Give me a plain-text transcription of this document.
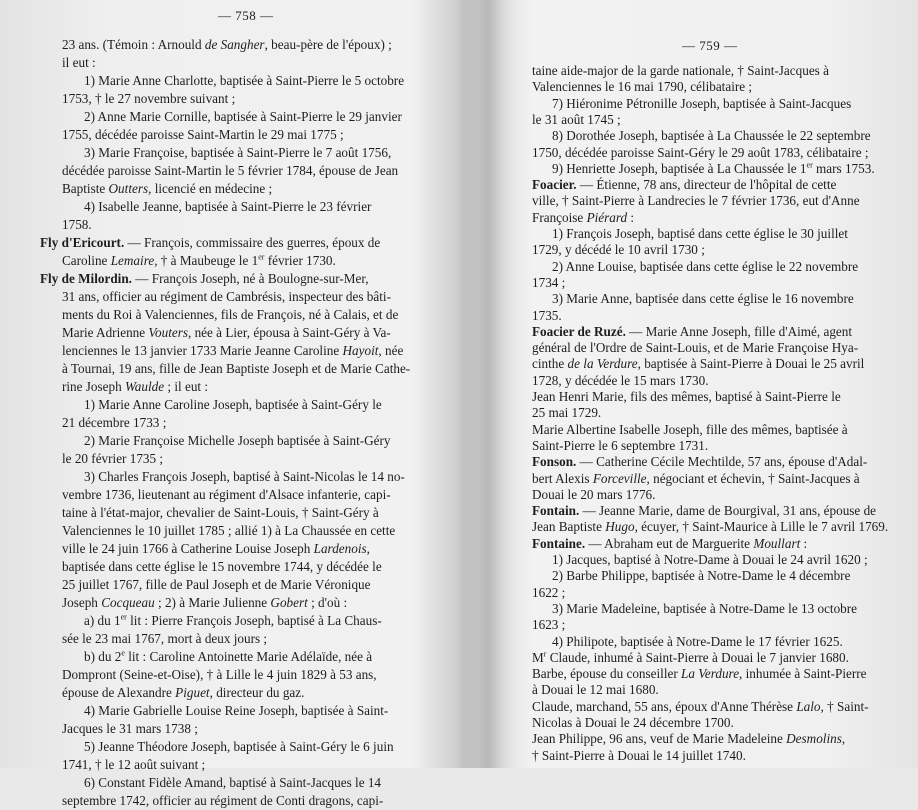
— 758 —
23 ans. (Témoin : Arnould de Sangher, beau-père de l'époux) ;
il eut :
1) Marie Anne Charlotte, baptisée à Saint-Pierre le 5 octobre
1753, † le 27 novembre suivant ;
2) Anne Marie Cornille, baptisée à Saint-Pierre le 29 janvier
1755, décédée paroisse Saint-Martin le 29 mai 1775 ;
3) Marie Françoise, baptisée à Saint-Pierre le 7 août 1756,
décédée paroisse Saint-Martin le 5 février 1784, épouse de Jean
Baptiste Outters, licencié en médecine ;
4) Isabelle Jeanne, baptisée à Saint-Pierre le 23 février
1758.
Fly d'Ericourt. — François, commissaire des guerres, époux de
Caroline Lemaire, † à Maubeuge le 1er février 1730.
Fly de Milordin. — François Joseph, né à Boulogne-sur-Mer,
31 ans, officier au régiment de Cambrésis, inspecteur des bâti-
ments du Roi à Valenciennes, fils de François, né à Calais, et de
Marie Adrienne Vouters, née à Lier, épousa à Saint-Géry à Va-
lenciennes le 13 janvier 1733 Marie Jeanne Caroline Hayoit, née
à Tournai, 19 ans, fille de Jean Baptiste Joseph et de Marie Cathe-
rine Joseph Waulde ; il eut :
1) Marie Anne Caroline Joseph, baptisée à Saint-Géry le
21 décembre 1733 ;
2) Marie Françoise Michelle Joseph baptisée à Saint-Géry
le 20 février 1735 ;
3) Charles François Joseph, baptisé à Saint-Nicolas le 14 no-
vembre 1736, lieutenant au régiment d'Alsace infanterie, capi-
taine à l'état-major, chevalier de Saint-Louis, † Saint-Géry à
Valenciennes le 10 juillet 1785 ; allié 1) à La Chaussée en cette
ville le 24 juin 1766 à Catherine Louise Joseph Lardenois,
baptisée dans cette église le 15 novembre 1744, y décédée le
25 juillet 1767, fille de Paul Joseph et de Marie Véronique
Joseph Cocqueau ; 2) à Marie Julienne Gobert ; d'où :
a) du 1er lit : Pierre François Joseph, baptisé à La Chaus-
sée le 23 mai 1767, mort à deux jours ;
b) du 2e lit : Caroline Antoinette Marie Adélaïde, née à
Dompront (Seine-et-Oise), † à Lille le 4 juin 1829 à 53 ans,
épouse de Alexandre Piguet, directeur du gaz.
4) Marie Gabrielle Louise Reine Joseph, baptisée à Saint-
Jacques le 31 mars 1738 ;
5) Jeanne Théodore Joseph, baptisée à Saint-Géry le 6 juin
1741, † le 12 août suivant ;
6) Constant Fidèle Amand, baptisé à Saint-Jacques le 14
septembre 1742, officier au régiment de Conti dragons, capi-
— 759 —
taine aide-major de la garde nationale, † Saint-Jacques à
Valenciennes le 16 mai 1790, célibataire ;
7) Hiéronime Pétronille Joseph, baptisée à Saint-Jacques
le 31 août 1745 ;
8) Dorothée Joseph, baptisée à La Chaussée le 22 septembre
1750, décédée paroisse Saint-Géry le 29 août 1783, célibataire ;
9) Henriette Joseph, baptisée à La Chaussée le 1er mars 1753.
Foacier. — Étienne, 78 ans, directeur de l'hôpital de cette
ville, † Saint-Pierre à Landrecies le 7 février 1736, eut d'Anne
Françoise Piérard :
1) François Joseph, baptisé dans cette église le 30 juillet
1729, y décédé le 10 avril 1730 ;
2) Anne Louise, baptisée dans cette église le 22 novembre
1734 ;
3) Marie Anne, baptisée dans cette église le 16 novembre
1735.
Foacier de Ruzé. — Marie Anne Joseph, fille d'Aimé, agent
général de l'Ordre de Saint-Louis, et de Marie Françoise Hya-
cinthe de la Verdure, baptisée à Saint-Pierre à Douai le 25 avril
1728, y décédée le 15 mars 1730.
Jean Henri Marie, fils des mêmes, baptisé à Saint-Pierre le
25 mai 1729.
Marie Albertine Isabelle Joseph, fille des mêmes, baptisée à
Saint-Pierre le 6 septembre 1731.
Fonson. — Catherine Cécile Mechtilde, 57 ans, épouse d'Adal-
bert Alexis Forceville, négociant et échevin, † Saint-Jacques à
Douai le 20 mars 1776.
Fontain. — Jeanne Marie, dame de Bourgival, 31 ans, épouse de
Jean Baptiste Hugo, écuyer, † Saint-Maurice à Lille le 7 avril 1769.
Fontaine. — Abraham eut de Marguerite Moullart :
1) Jacques, baptisé à Notre-Dame à Douai le 24 avril 1620 ;
2) Barbe Philippe, baptisée à Notre-Dame le 4 décembre
1622 ;
3) Marie Madeleine, baptisée à Notre-Dame le 13 octobre
1623 ;
4) Philipote, baptisée à Notre-Dame le 17 février 1625.
$M^r$ Claude, inhumé à Saint-Pierre à Douai le 7 janvier 1680.
Barbe, épouse du conseiller La Verdure, inhumée à Saint-Pierre
à Douai le 12 mai 1680.
Claude, marchand, 55 ans, époux d'Anne Thérèse Lalo, † Saint-
Nicolas à Douai le 24 décembre 1700.
Jean Philippe, 96 ans, veuf de Marie Madeleine Desmolins,
† Saint-Pierre à Douai le 14 juillet 1740.
